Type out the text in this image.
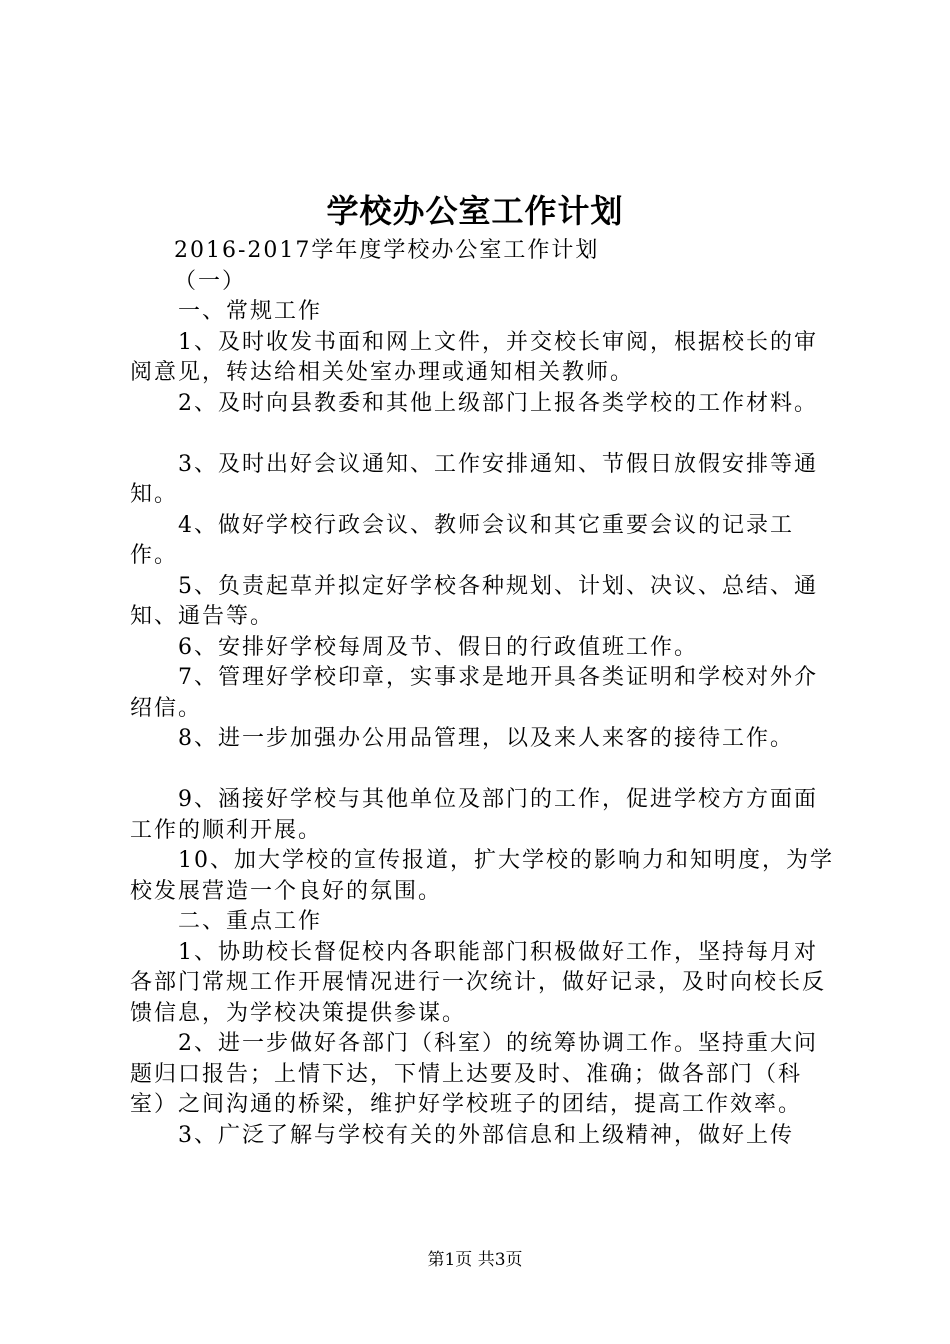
学校办公室工作计划

2016-2017学年度学校办公室工作计划

（一）

一、常规工作

1、及时收发书面和网上文件，并交校长审阅，根据校长的审阅意见，转达给相关处室办理或通知相关教师。

2、及时向县教委和其他上级部门上报各类学校的工作材料。

3、及时出好会议通知、工作安排通知、节假日放假安排等通知。

4、做好学校行政会议、教师会议和其它重要会议的记录工作。

5、负责起草并拟定好学校各种规划、计划、决议、总结、通知、通告等。

6、安排好学校每周及节、假日的行政值班工作。

7、管理好学校印章，实事求是地开具各类证明和学校对外介绍信。

8、进一步加强办公用品管理，以及来人来客的接待工作。

9、涵接好学校与其他单位及部门的工作，促进学校方方面面工作的顺利开展。

10、加大学校的宣传报道，扩大学校的影响力和知明度，为学校发展营造一个良好的氛围。

二、重点工作

1、协助校长督促校内各职能部门积极做好工作，坚持每月对各部门常规工作开展情况进行一次统计，做好记录，及时向校长反馈信息，为学校决策提供参谋。

2、进一步做好各部门（科室）的统筹协调工作。坚持重大问题归口报告；上情下达，下情上达要及时、准确；做各部门（科室）之间沟通的桥梁，维护好学校班子的团结，提高工作效率。

3、广泛了解与学校有关的外部信息和上级精神，做好上传

第1页 共3页
